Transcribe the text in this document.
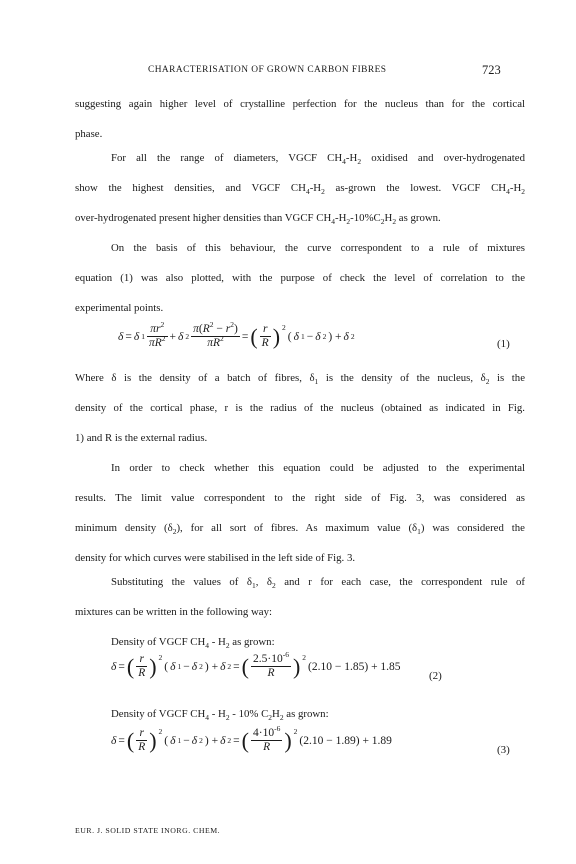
CHARACTERISATION OF GROWN CARBON FIBRES	723
suggesting again higher level of crystalline perfection for the nucleus than for the cortical
phase.
For all the range of diameters, VGCF $CH_4-H_2$ oxidised and over-hydrogenated
show the highest densities, and VGCF $CH_4-H_2$ as-grown the lowest. VGCF $CH_4-H_2$
over-hydrogenated present higher densities than VGCF $CH_4-H_2-10\%C_2H_2$ as grown.
On the basis of this behaviour, the curve correspondent to a rule of mixtures
equation (1) was also plotted, with the purpose of check the level of correlation to the
experimental points.
δ = δ $1 \frac{\pi r^2}{\pi R^2} + \delta$ $2 \frac{\pi(R^2 - r^2)}{\pi R^2}$ = ( $\frac{r}{R}$ ) 2
( δ 1 − δ 2 ) + δ 2
(1)
Where δ is the density of a batch of fibres, $\delta_1$ is the density of the nucleus, $\delta_2$ is the
density of the cortical phase, r is the radius of the nucleus (obtained as indicated in Fig.
1) and R is the external radius.
In order to check whether this equation could be adjusted to the experimental
results. The limit value correspondent to the right side of Fig. 3, was considered as
minimum density $(\delta_2)$, for all sort of fibres. As maximum value $(\delta_1)$ was considered the
density for which curves were stabilised in the left side of Fig. 3.
Substituting the values of $\delta_1$, $\delta_2$ and r for each case, the correspondent rule of
mixtures can be written in the following way:
Density of VGCF $CH_4 - H_2$ as grown:
δ = ( $\frac{r}{R}$ ) 2
( δ 1 − δ 2 ) + δ 2 = ( $\frac{2.5\cdot 10^{-6}}{R}$ ) 2
(2.10 − 1.85) + 1.85
(2)
Density of VGCF $CH_4 - H_2 - 10\%$ $C_2H_2$ as grown:
δ = ( $\frac{r}{R}$ ) 2
( δ 1 − δ 2 ) + δ 2 = ( $\frac{4\cdot 10^{-6}}{R}$ ) 2
(2.10 − 1.89) + 1.89
(3)
EUR. J. SOLID STATE INORG. CHEM.
